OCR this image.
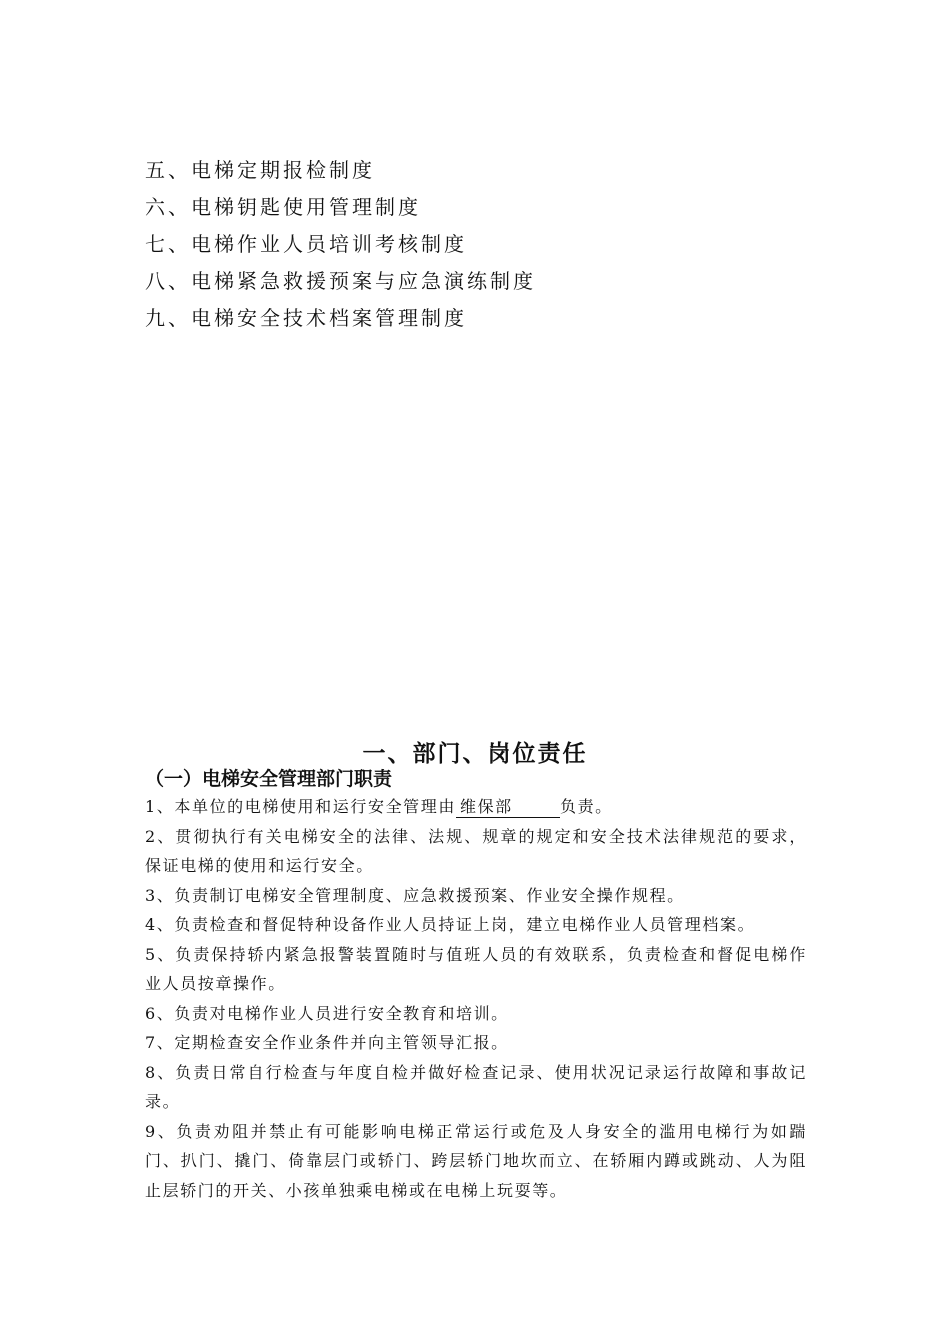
五、电梯定期报检制度
六、电梯钥匙使用管理制度
七、电梯作业人员培训考核制度
八、电梯紧急救援预案与应急演练制度
九、电梯安全技术档案管理制度
一、部门、岗位责任
（一）电梯安全管理部门职责

1、本单位的电梯使用和运行安全管理由 维保部	负责。

2、贯彻执行有关电梯安全的法律、法规、规章的规定和安全技术法律规范的要求，保证电梯的使用和运行安全。

3、负责制订电梯安全管理制度、应急救援预案、作业安全操作规程。

4、负责检查和督促特种设备作业人员持证上岗，建立电梯作业人员管理档案。

5、负责保持轿内紧急报警装置随时与值班人员的有效联系，负责检查和督促电梯作业人员按章操作。

6、负责对电梯作业人员进行安全教育和培训。

7、定期检查安全作业条件并向主管领导汇报。

8、负责日常自行检查与年度自检并做好检查记录、使用状况记录运行故障和事故记录。

9、负责劝阻并禁止有可能影响电梯正常运行或危及人身安全的滥用电梯行为如踹门、扒门、撬门、倚靠层门或轿门、跨层轿门地坎而立、在轿厢内蹲或跳动、人为阻止层轿门的开关、小孩单独乘电梯或在电梯上玩耍等。
